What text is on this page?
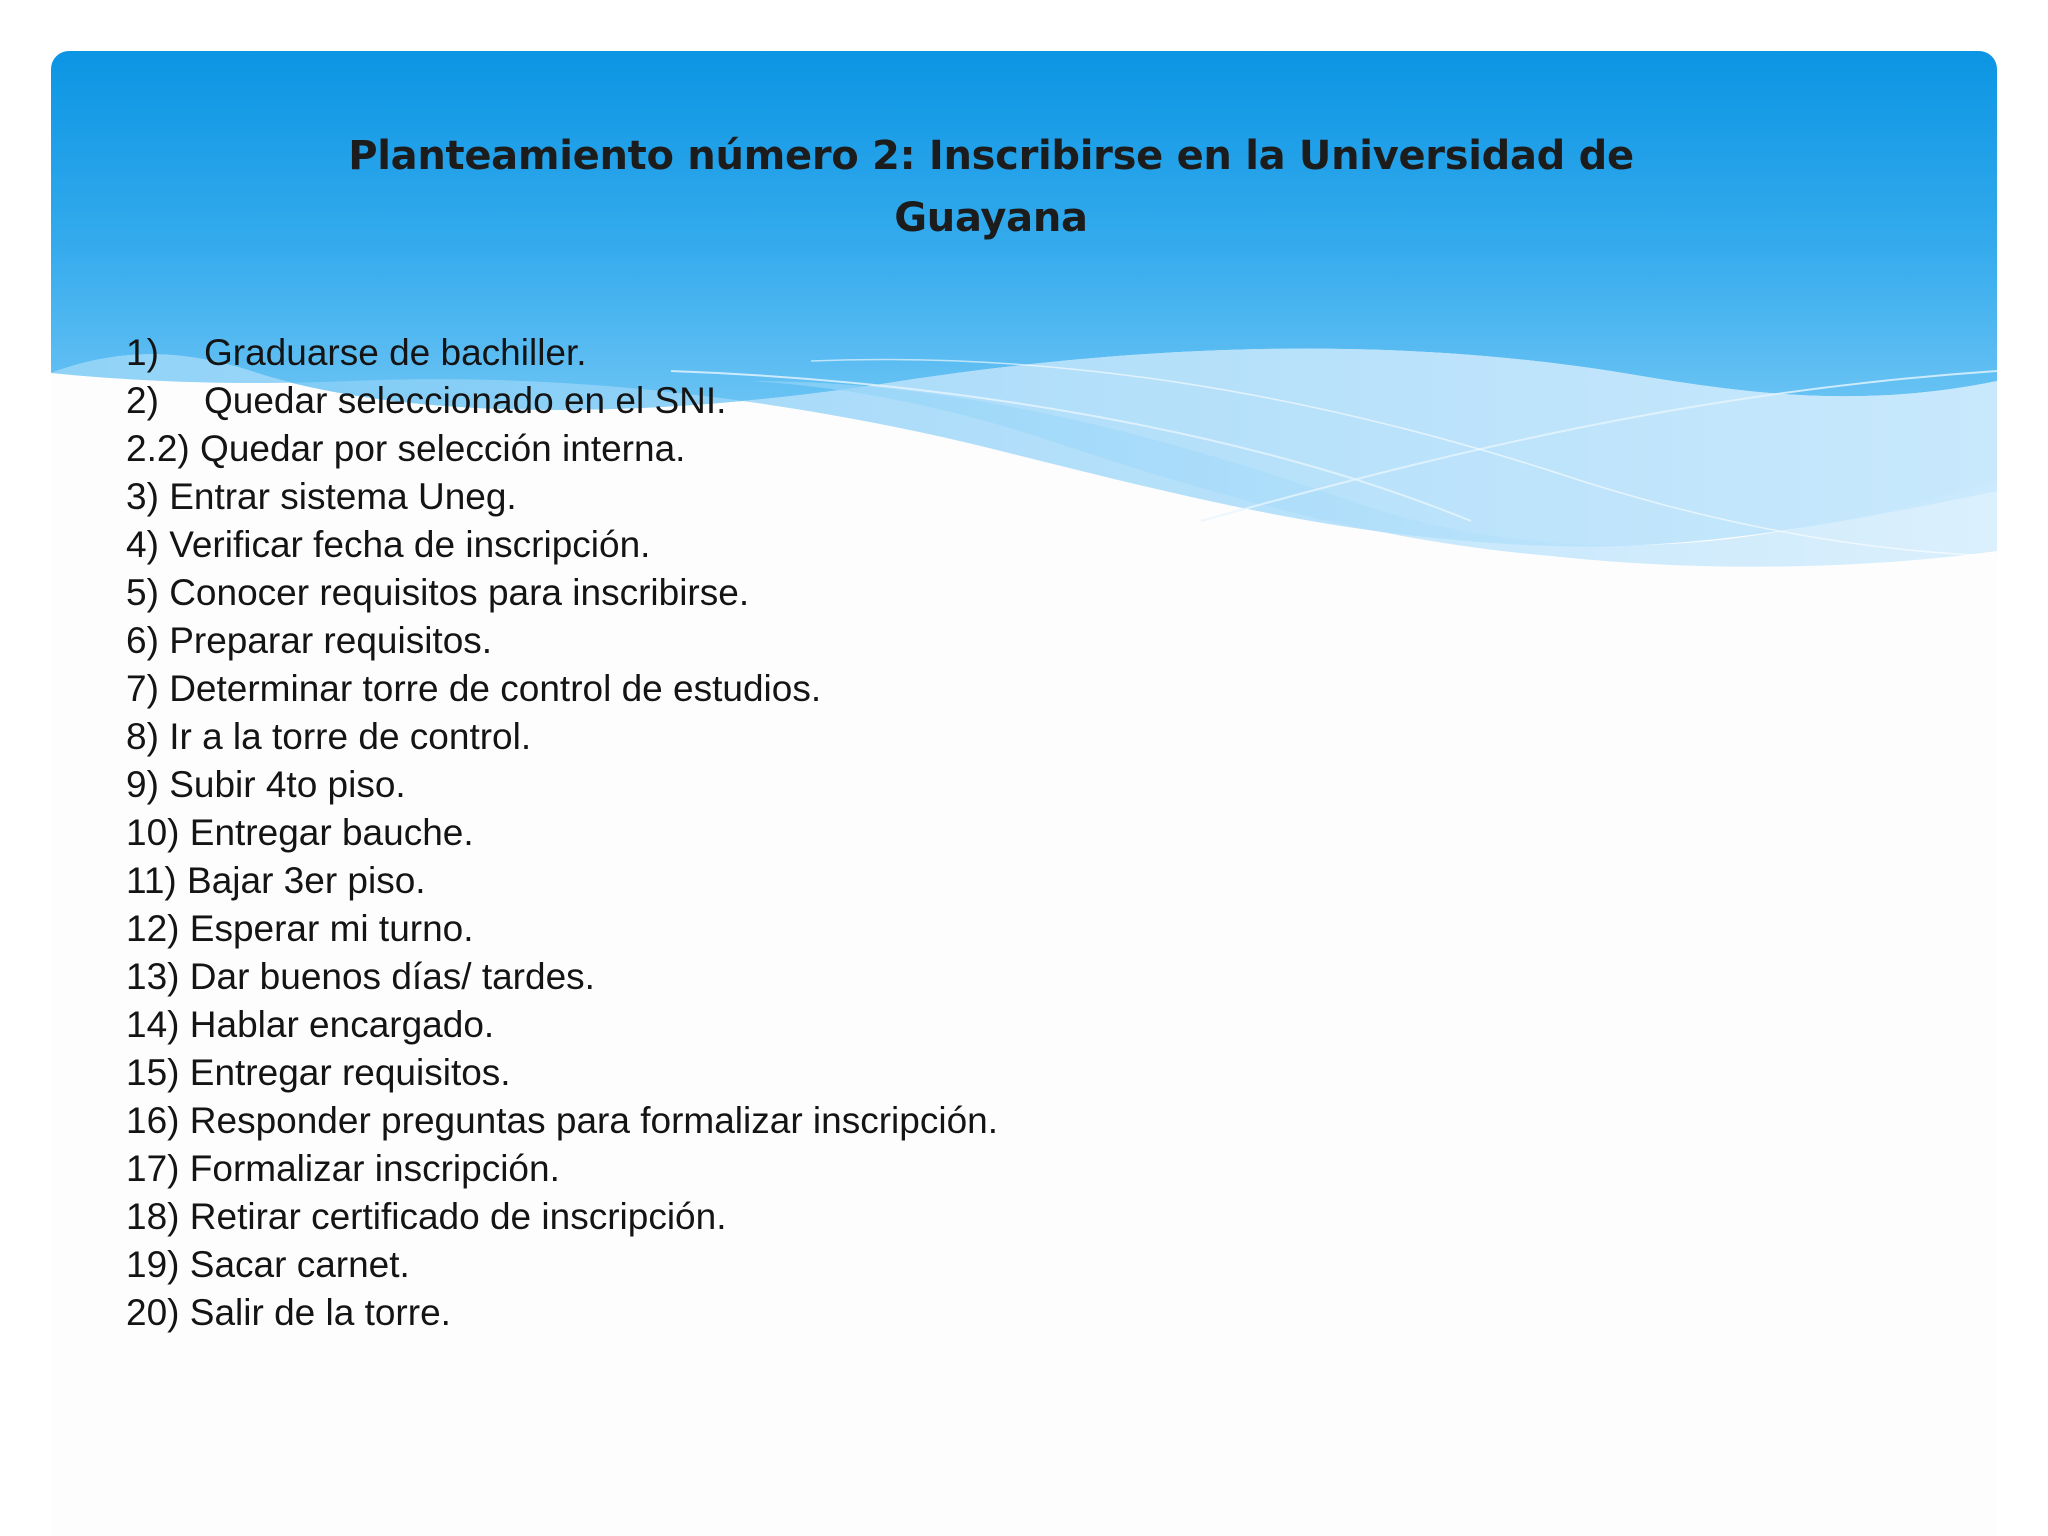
Planteamiento número 2: Inscribirse en la Universidad de
Guayana
1) Graduarse de bachiller.
2) Quedar seleccionado en el SNI.
2.2) Quedar por selección interna.
3) Entrar sistema Uneg.
4) Verificar fecha de inscripción.
5) Conocer requisitos para inscribirse.
6) Preparar requisitos.
7) Determinar torre de control de estudios.
8) Ir a la torre de control.
9) Subir 4to piso.
10) Entregar bauche.
11) Bajar 3er piso.
12) Esperar mi turno.
13) Dar buenos días/ tardes.
14) Hablar encargado.
15) Entregar requisitos.
16) Responder preguntas para formalizar inscripción.
17) Formalizar inscripción.
18) Retirar certificado de inscripción.
19) Sacar carnet.
20) Salir de la torre.
